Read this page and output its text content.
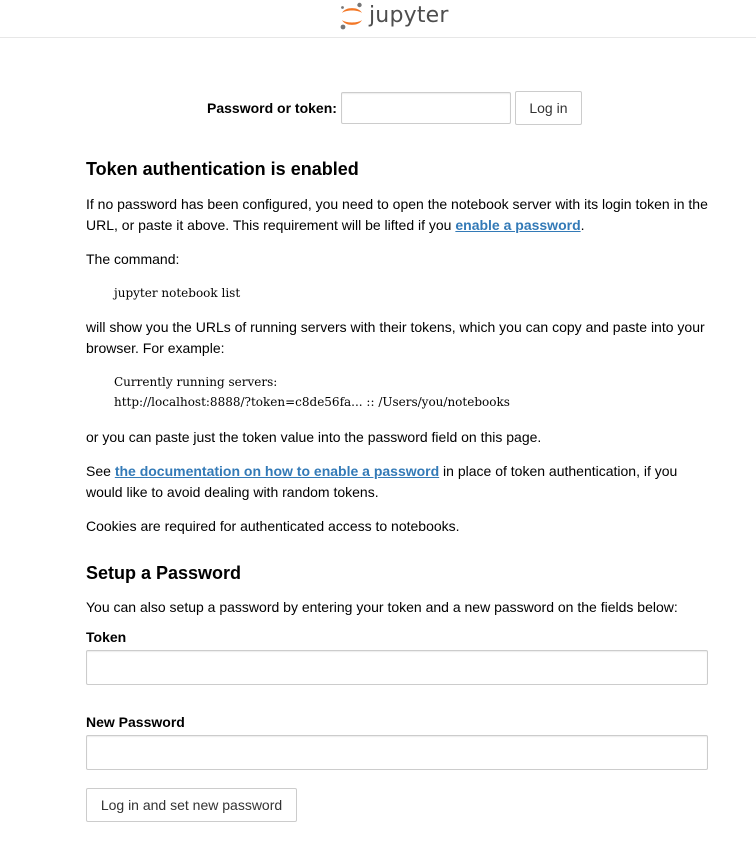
jupyter
Password or token:	Log in
Token authentication is enabled

If no password has been configured, you need to open the notebook server with its login token in the URL, or paste it above. This requirement will be lifted if you enable a password.

The command:

jupyter notebook list

will show you the URLs of running servers with their tokens, which you can copy and paste into your browser. For example:

Currently running servers:
http://localhost:8888/?token=c8de56fa... :: /Users/you/notebooks

or you can paste just the token value into the password field on this page.

See the documentation on how to enable a password in place of token authentication, if you would like to avoid dealing with random tokens.

Cookies are required for authenticated access to notebooks.

Setup a Password

You can also setup a password by entering your token and a new password on the fields below:

Token
New Password
Log in and set new password
